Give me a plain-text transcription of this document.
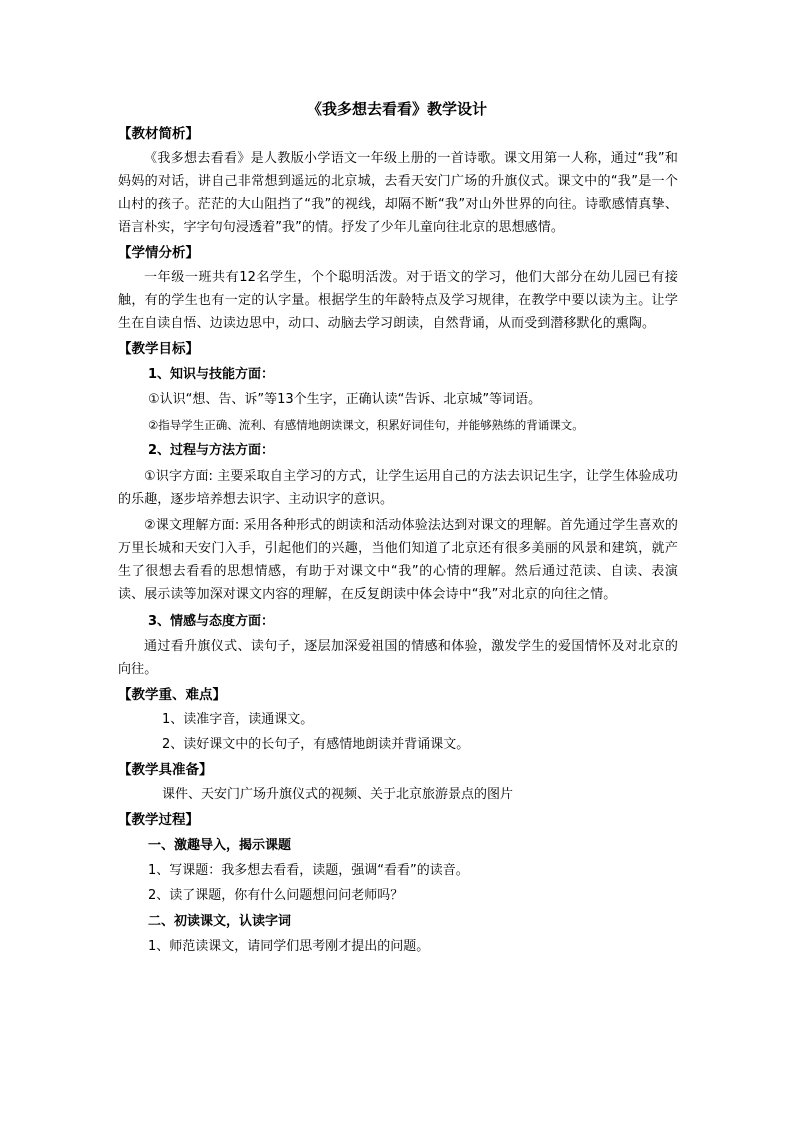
《我多想去看看》教学设计
【教材简析】

《我多想去看看》是人教版小学语文一年级上册的一首诗歌。课文用第一人称，通过“我”和妈妈的对话，讲自己非常想到遥远的北京城，去看天安门广场的升旗仪式。课文中的“我”是一个山村的孩子。茫茫的大山阻挡了“我”的视线，却隔不断“我”对山外世界的向往。诗歌感情真挚、语言朴实，字字句句浸透着”我”的情。抒发了少年儿童向往北京的思想感情。

【学情分析】

一年级一班共有12名学生，个个聪明活泼。对于语文的学习，他们大部分在幼儿园已有接触，有的学生也有一定的认字量。根据学生的年龄特点及学习规律，在教学中要以读为主。让学生在自读自悟、边读边思中，动口、动脑去学习朗读，自然背诵，从而受到潜移默化的熏陶。

【教学目标】
1、知识与技能方面：
①认识“想、告、诉”等13个生字，正确认读“告诉、北京城”等词语。
②指导学生正确、流利、有感情地朗读课文，积累好词佳句，并能够熟练的背诵课文。
2、过程与方法方面：

①识字方面: 主要采取自主学习的方式，让学生运用自己的方法去识记生字，让学生体验成功的乐趣，逐步培养想去识字、主动识字的意识。

②课文理解方面: 采用各种形式的朗读和活动体验法达到对课文的理解。首先通过学生喜欢的万里长城和天安门入手，引起他们的兴趣，当他们知道了北京还有很多美丽的风景和建筑，就产生了很想去看看的思想情感，有助于对课文中“我”的心情的理解。然后通过范读、自读、表演读、展示读等加深对课文内容的理解，在反复朗读中体会诗中“我”对北京的向往之情。

3、情感与态度方面：

通过看升旗仪式、读句子，逐层加深爱祖国的情感和体验，激发学生的爱国情怀及对北京的向往。

【教学重、难点】
1、读准字音，读通课文。
2、读好课文中的长句子，有感情地朗读并背诵课文。
【教学具准备】
课件、天安门广场升旗仪式的视频、关于北京旅游景点的图片
【教学过程】
一、激趣导入，揭示课题
1、写课题：我多想去看看，读题，强调“看看”的读音。
2、读了课题，你有什么问题想问问老师吗？
二、初读课文，认读字词
1、师范读课文，请同学们思考刚才提出的问题。
